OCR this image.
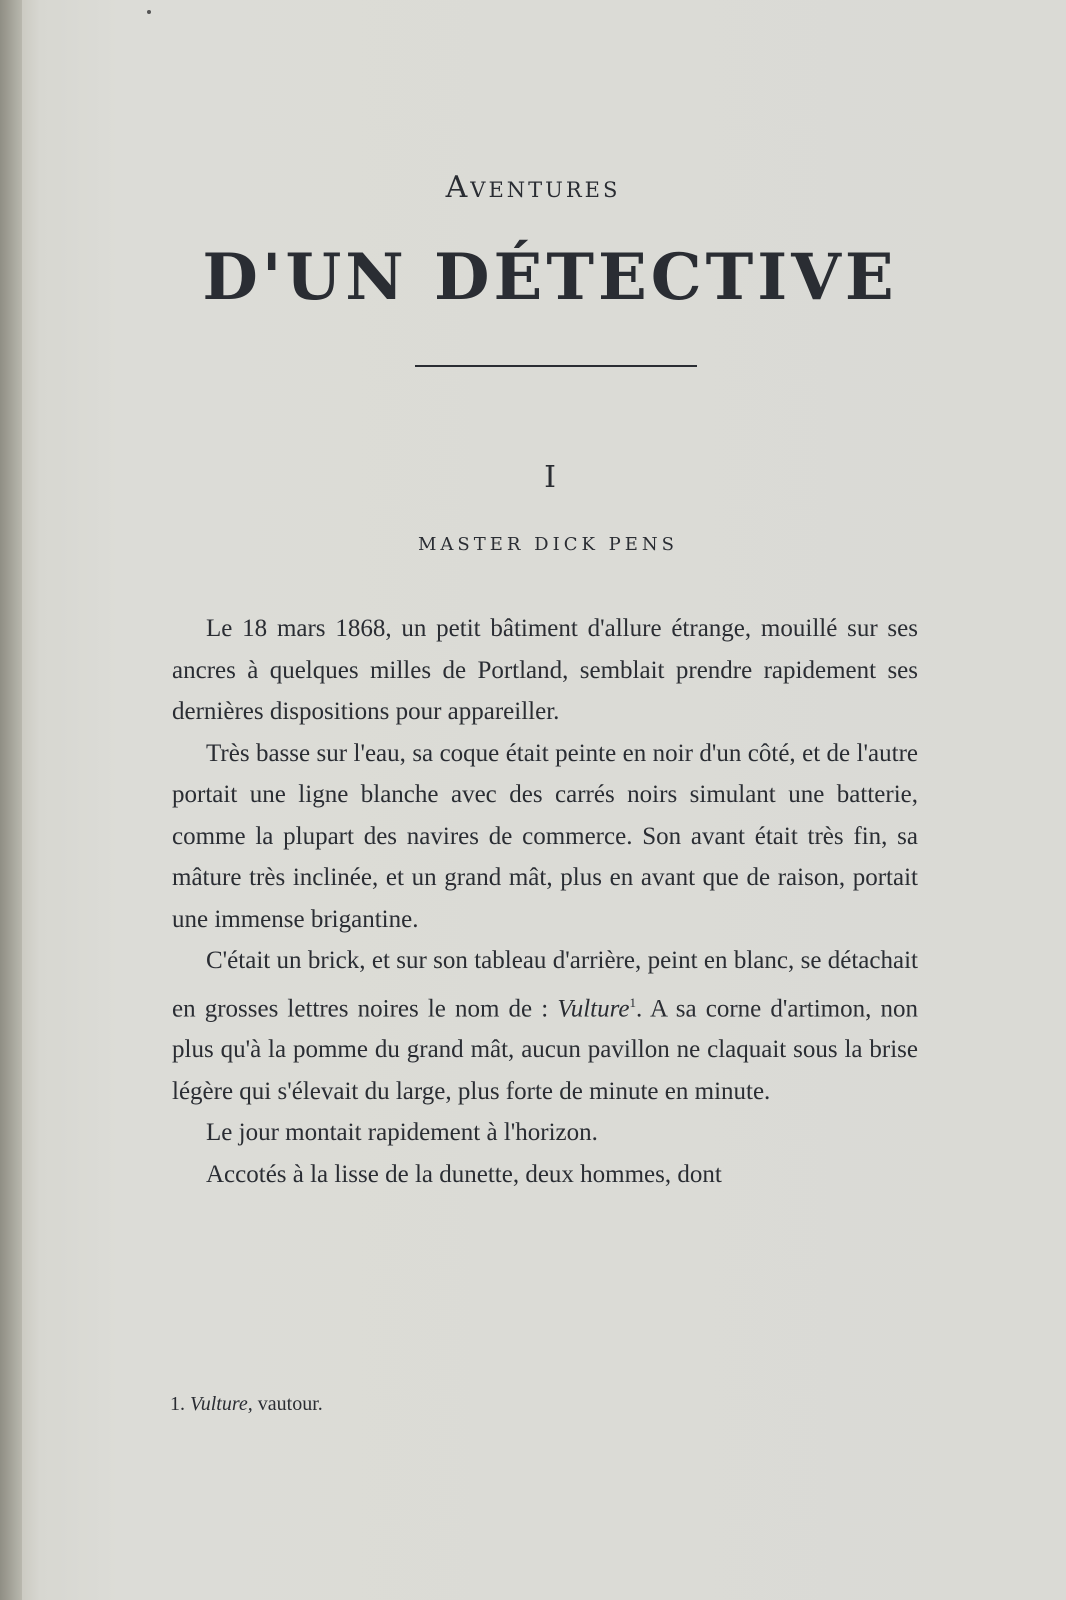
Aventures
D'UN DÉTECTIVE
I
MASTER DICK PENS

Le 18 mars 1868, un petit bâtiment d'allure étrange, mouillé sur ses ancres à quelques milles de Portland, semblait prendre rapidement ses dernières dispositions pour appareiller.

Très basse sur l'eau, sa coque était peinte en noir d'un côté, et de l'autre portait une ligne blanche avec des carrés noirs simulant une batterie, comme la plupart des navires de commerce. Son avant était très fin, sa mâture très inclinée, et un grand mât, plus en avant que de raison, portait une immense brigantine.

C'était un brick, et sur son tableau d'arrière, peint en blanc, se détachait en grosses lettres noires le nom de : Vulture$^1$. A sa corne d'artimon, non plus qu'à la pomme du grand mât, aucun pavillon ne claquait sous la brise légère qui s'élevait du large, plus forte de minute en minute.

Le jour montait rapidement à l'horizon.

Accotés à la lisse de la dunette, deux hommes, dont

1. Vulture, vautour.
